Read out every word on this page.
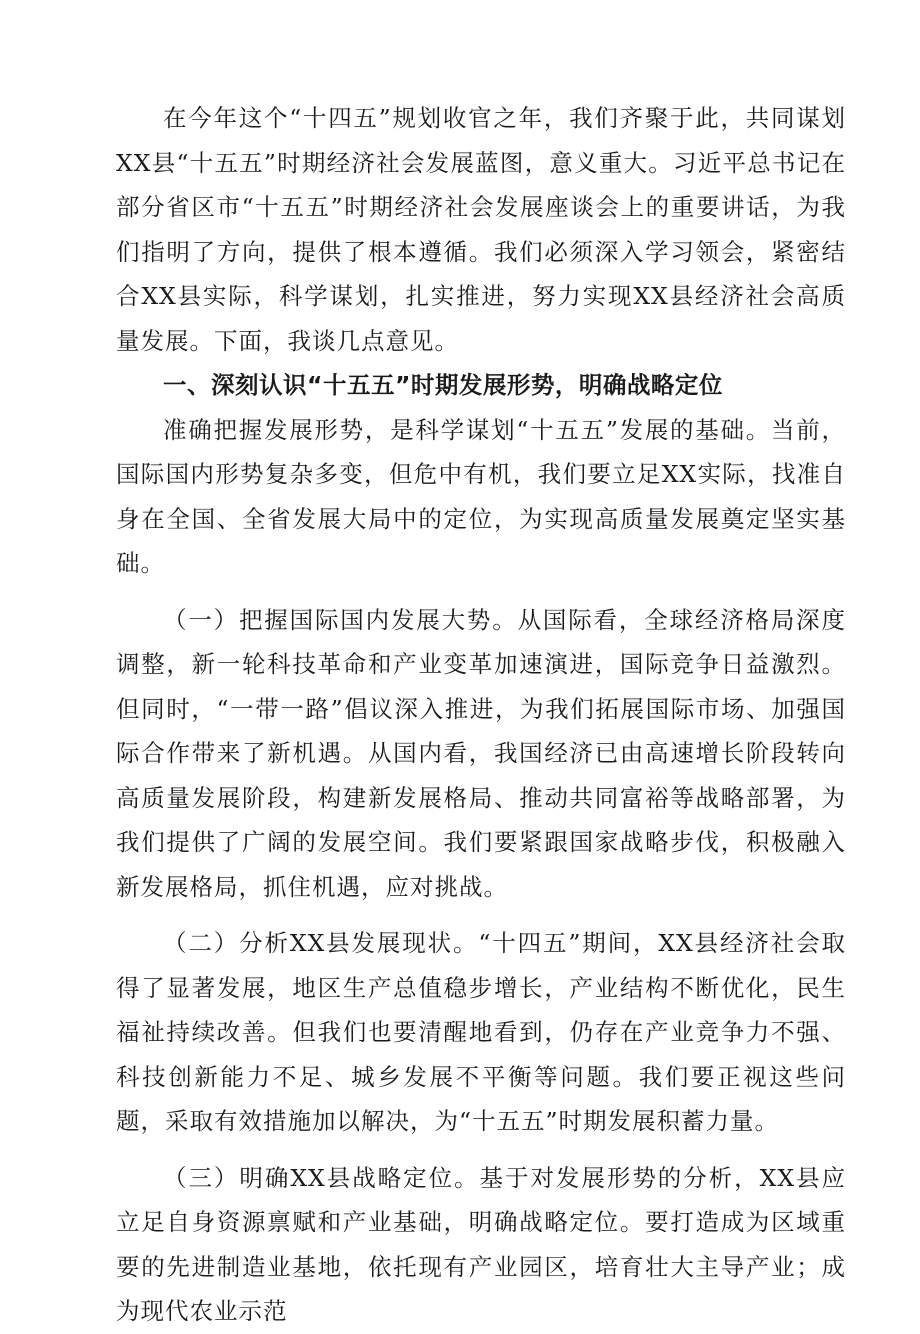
在今年这个“十四五”规划收官之年，我们齐聚于此，共同谋划XX县“十五五”时期经济社会发展蓝图，意义重大。习近平总书记在部分省区市“十五五”时期经济社会发展座谈会上的重要讲话，为我们指明了方向，提供了根本遵循。我们必须深入学习领会，紧密结合XX县实际，科学谋划，扎实推进，努力实现XX县经济社会高质量发展。下面，我谈几点意见。

一、深刻认识“十五五”时期发展形势，明确战略定位

准确把握发展形势，是科学谋划“十五五”发展的基础。当前，国际国内形势复杂多变，但危中有机，我们要立足XX实际，找准自身在全国、全省发展大局中的定位，为实现高质量发展奠定坚实基础。

（一）把握国际国内发展大势。从国际看，全球经济格局深度调整，新一轮科技革命和产业变革加速演进，国际竞争日益激烈。但同时，“一带一路”倡议深入推进，为我们拓展国际市场、加强国际合作带来了新机遇。从国内看，我国经济已由高速增长阶段转向高质量发展阶段，构建新发展格局、推动共同富裕等战略部署，为我们提供了广阔的发展空间。我们要紧跟国家战略步伐，积极融入新发展格局，抓住机遇，应对挑战。

（二）分析XX县发展现状。“十四五”期间，XX县经济社会取得了显著发展，地区生产总值稳步增长，产业结构不断优化，民生福祉持续改善。但我们也要清醒地看到，仍存在产业竞争力不强、科技创新能力不足、城乡发展不平衡等问题。我们要正视这些问题，采取有效措施加以解决，为“十五五”时期发展积蓄力量。

（三）明确XX县战略定位。基于对发展形势的分析，XX县应立足自身资源禀赋和产业基础，明确战略定位。要打造成为区域重要的先进制造业基地，依托现有产业园区，培育壮大主导产业；成为现代农业示范
